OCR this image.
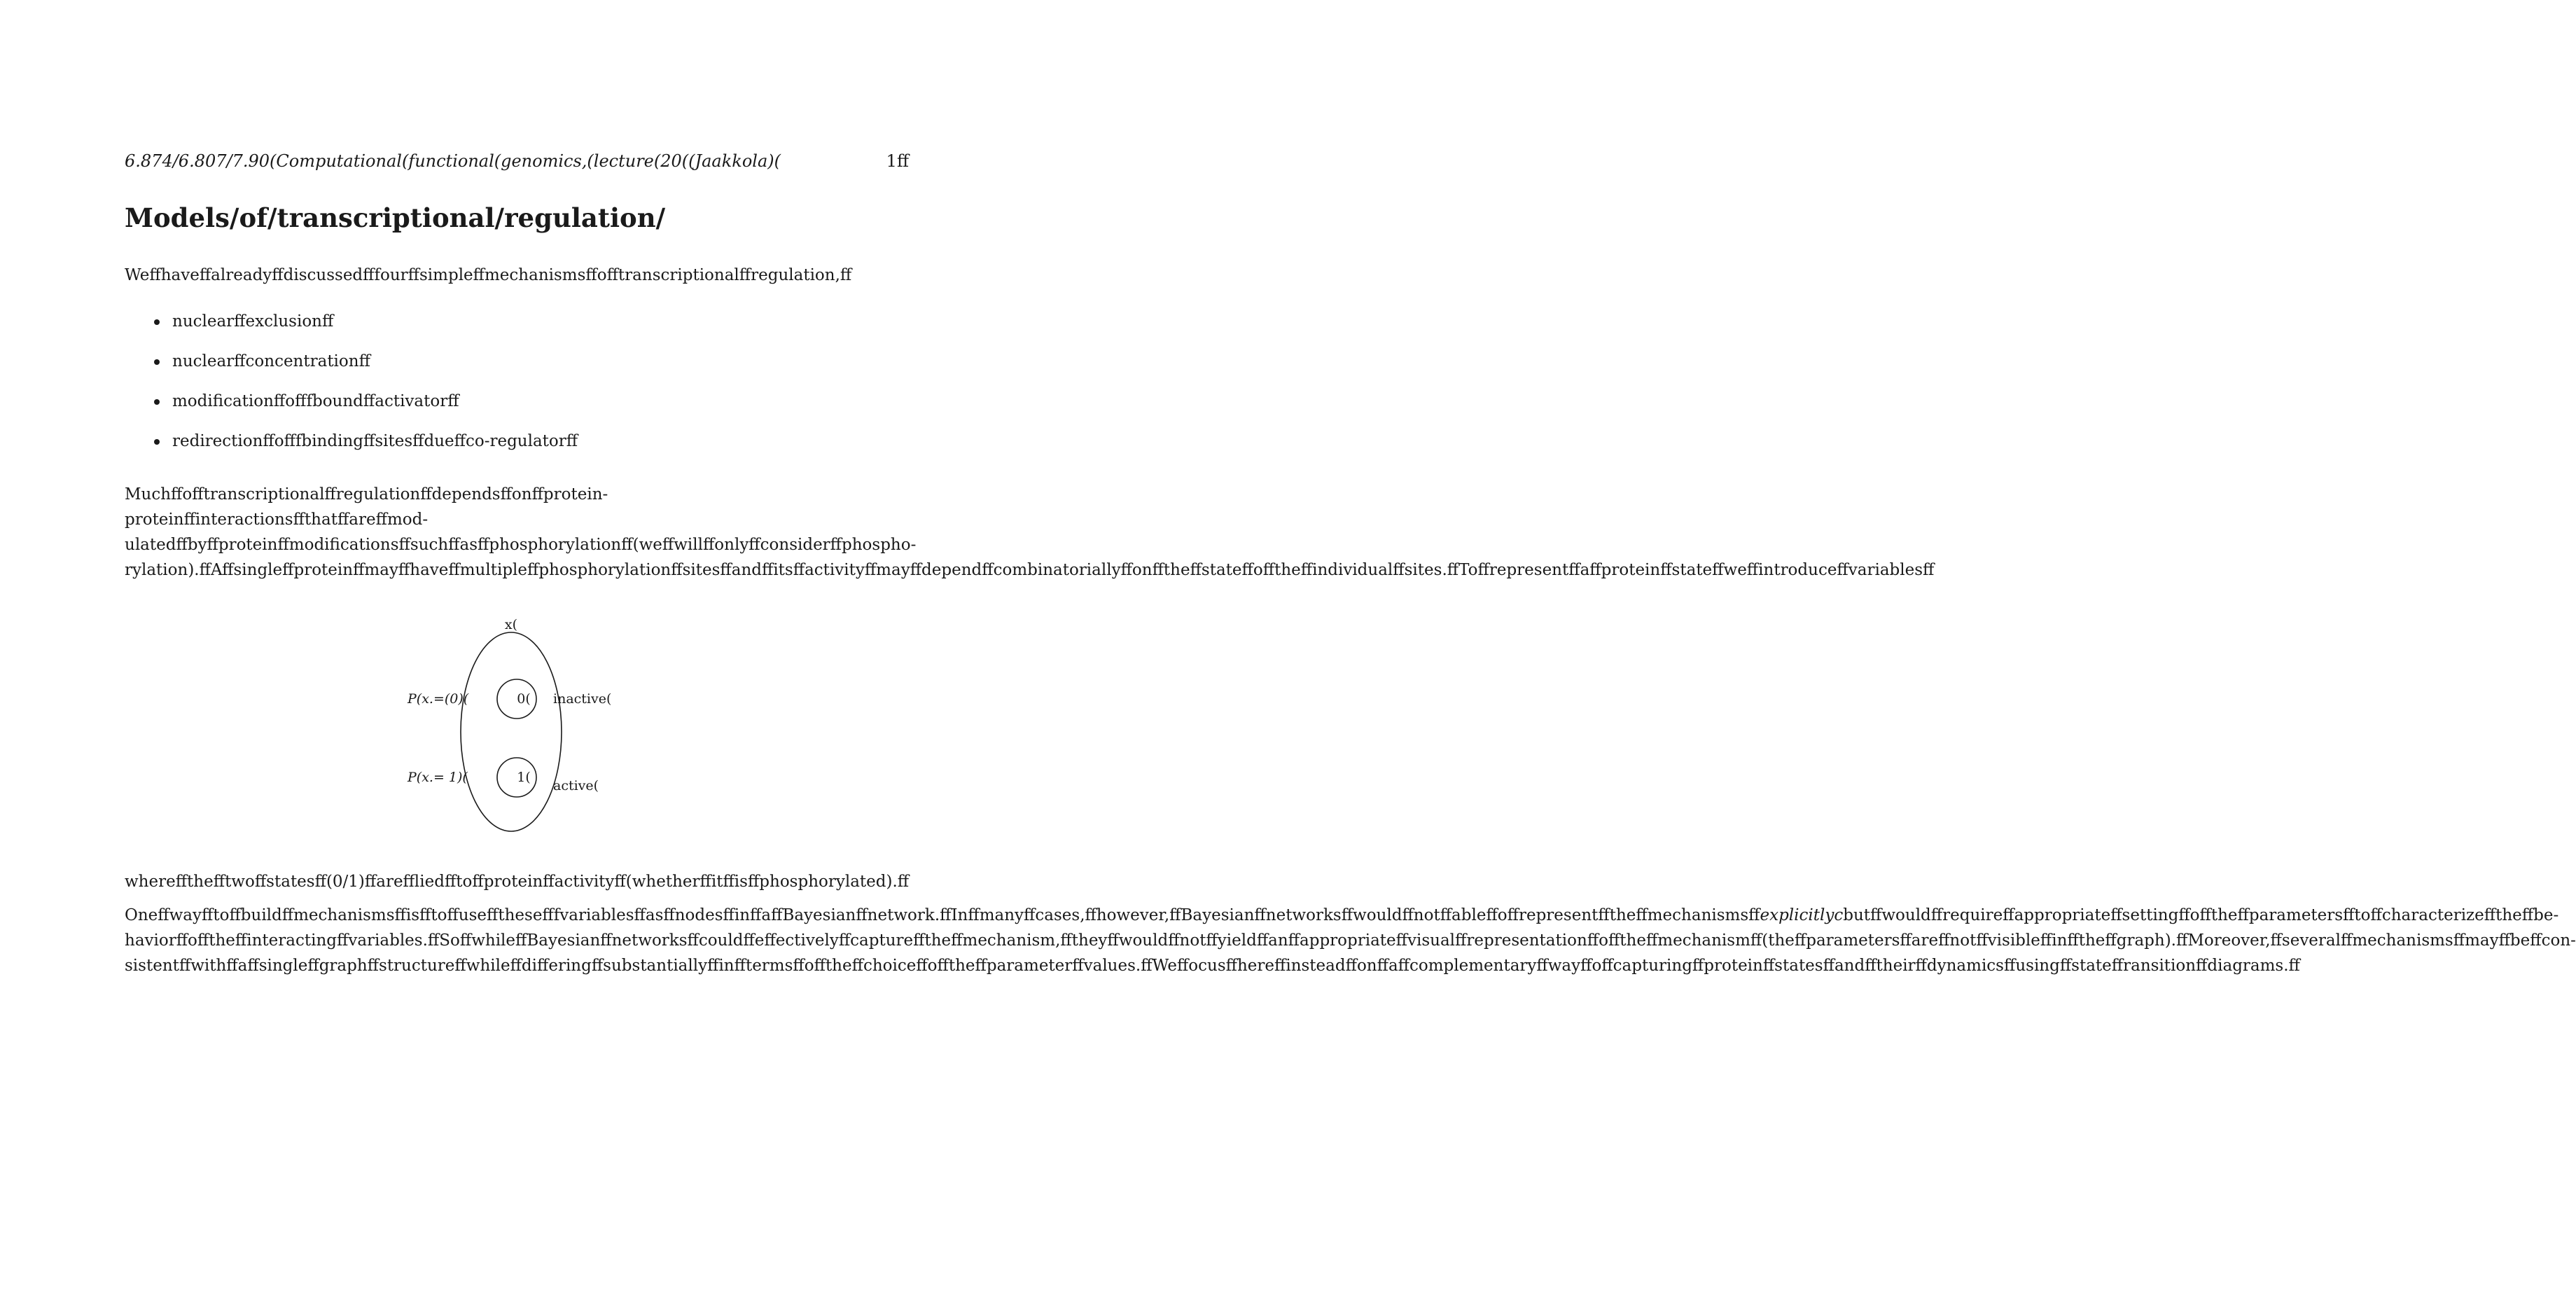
6.874/6.807/7.90(Computational(functional(genomics,(lecture(20((Jaakkola)(	1ff
Models/of/transcriptional/regulation/

Weffhaveffalreadyffdiscussedfffourffsimpleffmechanismsffofftranscriptionalffregulation,ff

nuclearffexclusionff
nuclearffconcentrationff
modificationffofffboundffactivatorff
redirectionffofffbindingffsitesffdueffco-regulatorff

Muchffofftranscriptionalffregulationffdependsffonffprotein-proteinffinteractionsffthatffareffmod-ulatedffbyffproteinffmodificationsffsuchffasffphosphorylationff(weffwillffonlyffconsiderffphospho-rylation).ffAffsingleffproteinffmayffhaveffmultipleffphosphorylationffsitesffandffitsffactivityffmayffdependffcombinatoriallyffonfftheffstateffofftheffindividualffsites.ffToffrepresentffaffproteinffstateffweffintroduceffvariablesff

x(
0(
1(
P(x.=(0)(
P(x.= 1)(
inactive(
active(

whereffthefftwoffstatesff(0/1)ffareffliedfftoffproteinffactivityff(whetherffitffisffphosphorylated).ff

OneffwayfftoffbuildffmechanismsffisfftoffuseffthesefffvariablesffasffnodesffinffaffBayesianffnetwork.ffInffmanyffcases,ffhowever,ffBayesianffnetworksffwouldffnotffableffoffrepresentfftheffmechanismsffexplicitlycbutffwouldffrequireffappropriateffsettingffofftheffparametersfftoffcharacterizefftheffbe-haviorffofftheffinteractingffvariables.ffSoffwhileffBayesianffnetworksffcouldffeffectivelyffcapturefftheffmechanism,fftheyffwouldffnotffyieldffanffappropriateffvisualffrepresentationffofftheffmechanismff(theffparametersffareffnotffvisibleffinfftheffgraph).ffMoreover,ffseveralffmechanismsffmayffbeffcon-sistentffwithffaffsingleffgraphffstructureffwhileffdifferingffsubstantiallyffinfftermsffofftheffchoiceffofftheffparameterffvalues.ffWeffocusffhereffinsteadffonffaffcomplementaryffwayffoffcapturingffproteinffstatesffandfftheirffdynamicsffusingffstateffransitionffdiagrams.ff
